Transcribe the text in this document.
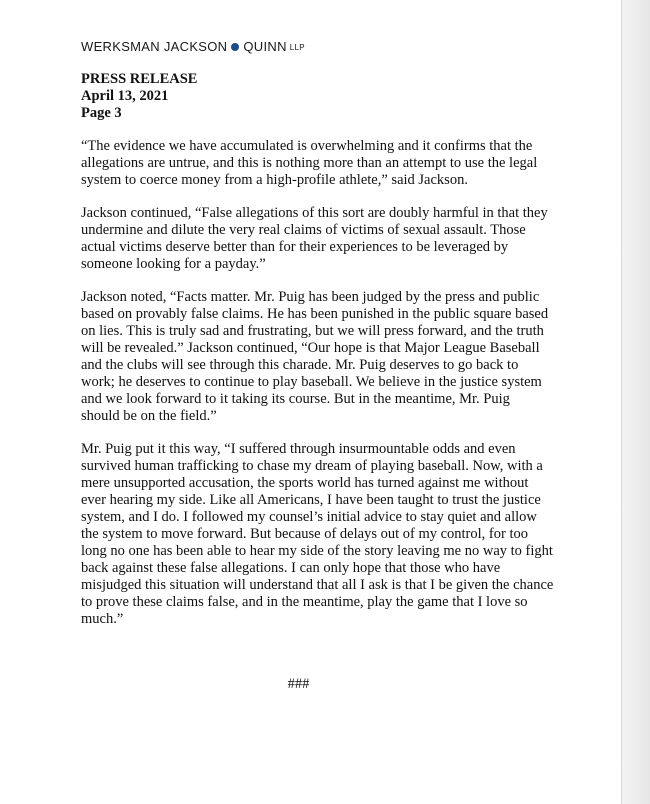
WERKSMAN JACKSON QUINN LLP
PRESS RELEASE
April 13, 2021
Page 3

“The evidence we have accumulated is overwhelming and it confirms that the
allegations are untrue, and this is nothing more than an attempt to use the legal
system to coerce money from a high-profile athlete,” said Jackson.

Jackson continued, “False allegations of this sort are doubly harmful in that they
undermine and dilute the very real claims of victims of sexual assault. Those
actual victims deserve better than for their experiences to be leveraged by
someone looking for a payday.”

Jackson noted, “Facts matter. Mr. Puig has been judged by the press and public
based on provably false claims. He has been punished in the public square based
on lies. This is truly sad and frustrating, but we will press forward, and the truth
will be revealed.” Jackson continued, “Our hope is that Major League Baseball
and the clubs will see through this charade. Mr. Puig deserves to go back to
work; he deserves to continue to play baseball. We believe in the justice system
and we look forward to it taking its course. But in the meantime, Mr. Puig
should be on the field.”

Mr. Puig put it this way, “I suffered through insurmountable odds and even
survived human trafficking to chase my dream of playing baseball. Now, with a
mere unsupported accusation, the sports world has turned against me without
ever hearing my side. Like all Americans, I have been taught to trust the justice
system, and I do. I followed my counsel’s initial advice to stay quiet and allow
the system to move forward. But because of delays out of my control, for too
long no one has been able to hear my side of the story leaving me no way to fight
back against these false allegations. I can only hope that those who have
misjudged this situation will understand that all I ask is that I be given the chance
to prove these claims false, and in the meantime, play the game that I love so
much.”

###
